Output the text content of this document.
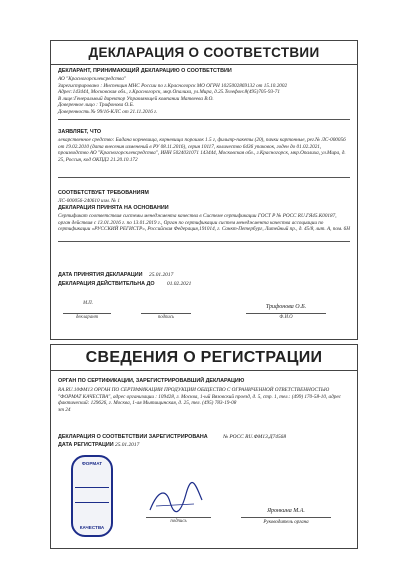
ДЕКЛАРАЦИЯ О СООТВЕТСТВИИ
ДЕКЛАРАНТ, ПРИНИМАЮЩИЙ ДЕКЛАРАЦИЮ О СООТВЕТСТВИИ
АО "Красногорсклексредства"
Зарегистрировано : Инспекция МНС России по г.Красногорск МО ОГРН 1025002869132 от 15.10.2002
Адрес:143444, Московская обл., г.Красногорск, мкр.Опалиха, ул.Мира, д.25.Телефон:8(495)705-93-71
В лице:Генеральный директор Управляющей компании Матвеева В.О.
Доверенное лицо : Трифонова О.Б.
Доверенность № 99/16-КЛС от 21.11.2016 г.
ЗАЯВЛЯЕТ, ЧТО
лекарственное средство: Бадана корневища, корневища порошок 1.5 г, фильтр-пакеты (20), пачки картонные, рег.№ ЛС-000056 от 19.02.2010 (дата внесения изменений в РУ 08.11.2016), серия 10117, количество 6436 упаковок, годен до 01.02.2021, производство АО "Красногорсклексредства", ИНН 5024031071 143444, Московская обл., г.Красногорск, мкр.Опалиха, ул.Мира, д. 25, Россия, код ОКПД2 21.20.10.172
СООТВЕТСТВУЕТ ТРЕБОВАНИЯМ
ЛС-000056-240610 изм. № 1
ДЕКЛАРАЦИЯ ПРИНЯТА НА ОСНОВАНИИ
Сертификат соответствия системы менеджмента качества в Системе сертификации ГОСТ Р № РОСС RU.ГЯ45.К00187, орган действия с 13.01.2016 г. по 13.01.2019 г., Орган по сертификации систем менеджмента качества ассоциации по сертификации «РУССКИЙ РЕГИСТР», Российская Федерация,191014, г. Санкт-Петербург, Литейный пр., д. 45/8, лит. А, пом. 6Н
ДАТА ПРИНЯТИЯ ДЕКЛАРАЦИИ 25.01.2017
ДЕКЛАРАЦИЯ ДЕЙСТВИТЕЛЬНА ДО 01.02.2021
М.П.
декларант	подпись
Трифонова О.Б.
Ф.И.О
СВЕДЕНИЯ О РЕГИСТРАЦИИ
ОРГАН ПО СЕРТИФИКАЦИИ, ЗАРЕГИСТРИРОВАВШИЙ ДЕКЛАРАЦИЮ
RA.RU.10ФМ13 ОРГАН ПО СЕРТИФИКАЦИИ ПРОДУКЦИИ ОБЩЕСТВО С ОГРАНИЧЕННОЙ ОТВЕТСТВЕННОСТЬЮ "ФОРМАТ КАЧЕСТВА", адрес организации : 109428, г. Москва, 1-ый Вязовский проезд, д. 5, стр. 1, тел.: (499) 170-58-10, адрес фактический: 129626, г. Москва, 1-ая Мытищинская, д. 25, тел. (495) 783-19-08
эт 24
ДЕКЛАРАЦИЯ О СООТВЕТСТВИИ ЗАРЕГИСТРИРОВАНА	№ РОСС RU.ФМ13.Д74568
ДАТА РЕГИСТРАЦИИ 25.01.2017
ФОРМАТ
КАЧЕСТВА
подпись
Яронкина М.А.
Руководитель органа
